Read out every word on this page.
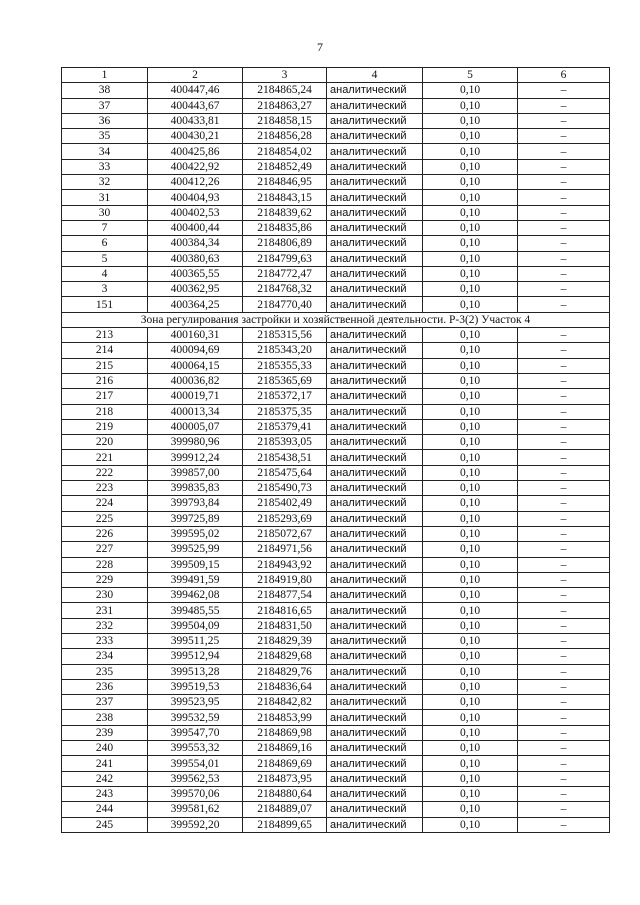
7
1	2	3	4	5	6
38	400447,46	2184865,24	аналитический	0,10	–
37	400443,67	2184863,27	аналитический	0,10	–
36	400433,81	2184858,15	аналитический	0,10	–
35	400430,21	2184856,28	аналитический	0,10	–
34	400425,86	2184854,02	аналитический	0,10	–
33	400422,92	2184852,49	аналитический	0,10	–
32	400412,26	2184846,95	аналитический	0,10	–
31	400404,93	2184843,15	аналитический	0,10	–
30	400402,53	2184839,62	аналитический	0,10	–
7	400400,44	2184835,86	аналитический	0,10	–
6	400384,34	2184806,89	аналитический	0,10	–
5	400380,63	2184799,63	аналитический	0,10	–
4	400365,55	2184772,47	аналитический	0,10	–
3	400362,95	2184768,32	аналитический	0,10	–
151	400364,25	2184770,40	аналитический	0,10	–
Зона регулирования застройки и хозяйственной деятельности. Р-3(2) Участок 4					
213	400160,31	2185315,56	аналитический	0,10	–
214	400094,69	2185343,20	аналитический	0,10	–
215	400064,15	2185355,33	аналитический	0,10	–
216	400036,82	2185365,69	аналитический	0,10	–
217	400019,71	2185372,17	аналитический	0,10	–
218	400013,34	2185375,35	аналитический	0,10	–
219	400005,07	2185379,41	аналитический	0,10	–
220	399980,96	2185393,05	аналитический	0,10	–
221	399912,24	2185438,51	аналитический	0,10	–
222	399857,00	2185475,64	аналитический	0,10	–
223	399835,83	2185490,73	аналитический	0,10	–
224	399793,84	2185402,49	аналитический	0,10	–
225	399725,89	2185293,69	аналитический	0,10	–
226	399595,02	2185072,67	аналитический	0,10	–
227	399525,99	2184971,56	аналитический	0,10	–
228	399509,15	2184943,92	аналитический	0,10	–
229	399491,59	2184919,80	аналитический	0,10	–
230	399462,08	2184877,54	аналитический	0,10	–
231	399485,55	2184816,65	аналитический	0,10	–
232	399504,09	2184831,50	аналитический	0,10	–
233	399511,25	2184829,39	аналитический	0,10	–
234	399512,94	2184829,68	аналитический	0,10	–
235	399513,28	2184829,76	аналитический	0,10	–
236	399519,53	2184836,64	аналитический	0,10	–
237	399523,95	2184842,82	аналитический	0,10	–
238	399532,59	2184853,99	аналитический	0,10	–
239	399547,70	2184869,98	аналитический	0,10	–
240	399553,32	2184869,16	аналитический	0,10	–
241	399554,01	2184869,69	аналитический	0,10	–
242	399562,53	2184873,95	аналитический	0,10	–
243	399570,06	2184880,64	аналитический	0,10	–
244	399581,62	2184889,07	аналитический	0,10	–
245	399592,20	2184899,65	аналитический	0,10	–
